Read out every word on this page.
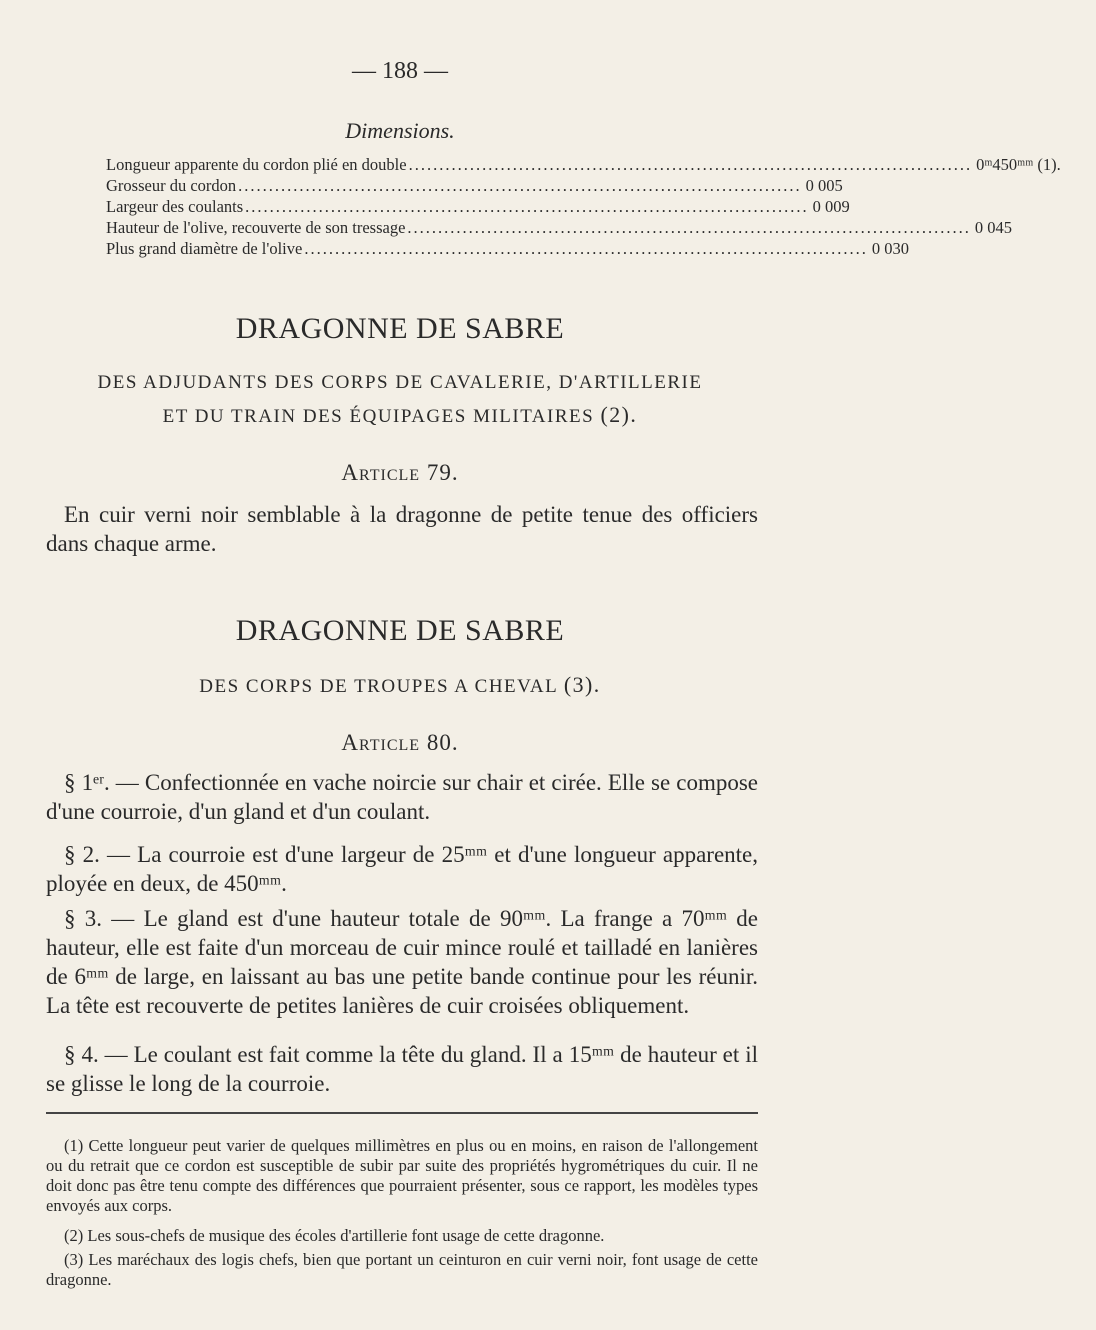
— 188 —
Dimensions.
Longueur apparente du cordon plié en double ............................................................................................ 0ᵐ450ᵐᵐ (1).
Grosseur du cordon ............................................................................................ 0 005
Largeur des coulants ............................................................................................ 0 009
Hauteur de l'olive, recouverte de son tressage ............................................................................................ 0 045
Plus grand diamètre de l'olive ............................................................................................ 0 030
DRAGONNE DE SABRE
DES ADJUDANTS DES CORPS DE CAVALERIE, D'ARTILLERIE
ET DU TRAIN DES ÉQUIPAGES MILITAIRES (2).
Article 79.
En cuir verni noir semblable à la dragonne de petite tenue des officiers dans chaque arme.
DRAGONNE DE SABRE
DES CORPS DE TROUPES A CHEVAL (3).
Article 80.
§ 1ᵉʳ. — Confectionnée en vache noircie sur chair et cirée. Elle se compose d'une courroie, d'un gland et d'un coulant.
§ 2. — La courroie est d'une largeur de 25ᵐᵐ et d'une longueur apparente, ployée en deux, de 450ᵐᵐ.
§ 3. — Le gland est d'une hauteur totale de 90ᵐᵐ. La frange a 70ᵐᵐ de hauteur, elle est faite d'un morceau de cuir mince roulé et tailladé en lanières de 6ᵐᵐ de large, en laissant au bas une petite bande continue pour les réunir. La tête est recouverte de petites lanières de cuir croisées obliquement.
§ 4. — Le coulant est fait comme la tête du gland. Il a 15ᵐᵐ de hauteur et il se glisse le long de la courroie.
(1) Cette longueur peut varier de quelques millimètres en plus ou en moins, en raison de l'allongement ou du retrait que ce cordon est susceptible de subir par suite des propriétés hygrométriques du cuir. Il ne doit donc pas être tenu compte des différences que pourraient présenter, sous ce rapport, les modèles types envoyés aux corps.
(2) Les sous-chefs de musique des écoles d'artillerie font usage de cette dragonne.
(3) Les maréchaux des logis chefs, bien que portant un ceinturon en cuir verni noir, font usage de cette dragonne.
